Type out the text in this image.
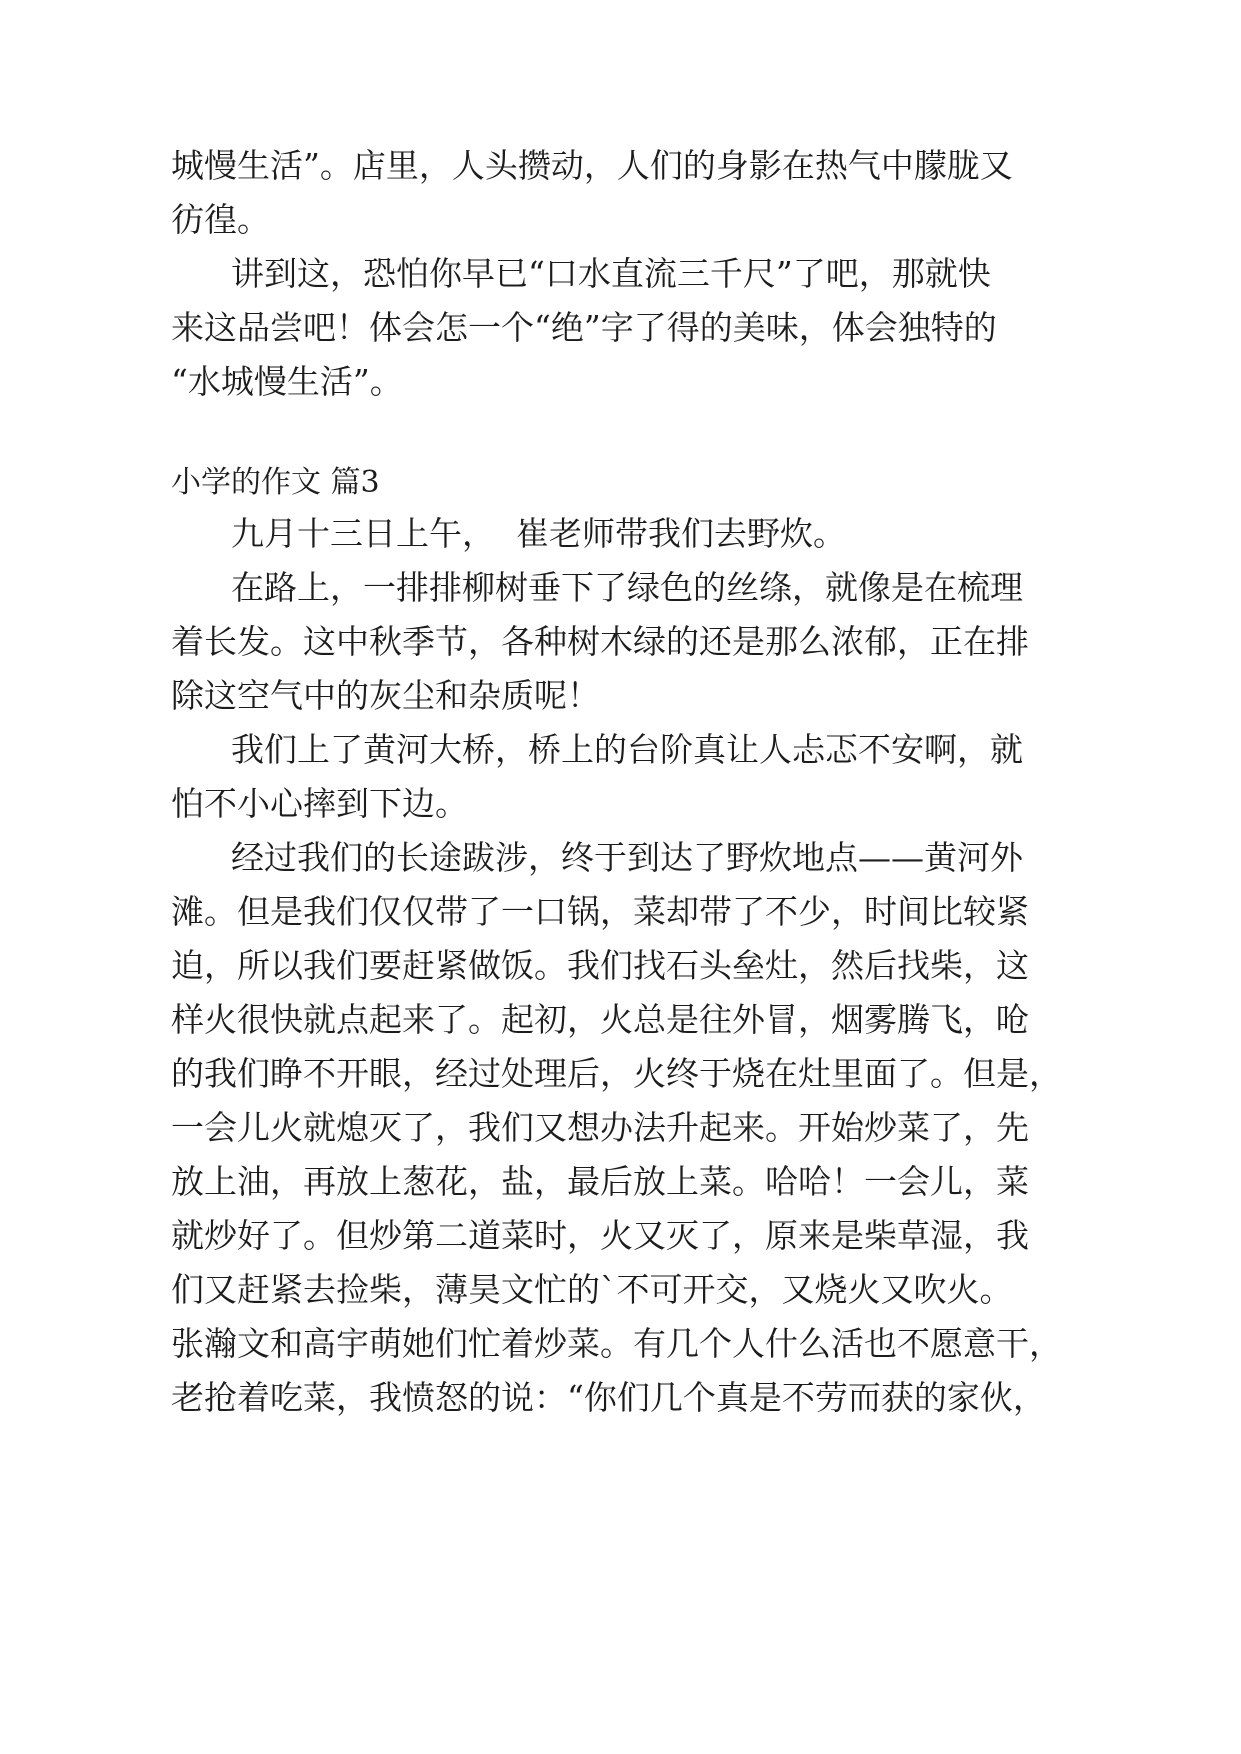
城 慢 生 活 ” 。 店 里 ， 人 头 攒 动 ， 人 们 的 身 影 在 热 气 中 朦 胧 又
彷徨。
讲 到 这 ， 恐 怕 你 早 已 “ 口 水 直 流 三 千 尺 ” 了 吧 ， 那 就 快
来 这 品 尝 吧 ！ 体 会 怎 一 个 “ 绝 ” 字 了 得 的 美 味 ， 体 会 独 特 的
“水城慢生活”。
小学的作文 篇3
九月十三日上午，  崔老师带我们去野炊。
在 路 上 ， 一 排 排 柳 树 垂 下 了 绿 色 的 丝 绦 ， 就 像 是 在 梳 理
着 长 发 。 这 中 秋 季 节 ， 各 种 树 木 绿 的 还 是 那 么 浓 郁 ， 正 在 排
除这空气中的灰尘和杂质呢！
我 们 上 了 黄 河 大 桥 ， 桥 上 的 台 阶 真 让 人 忐 忑 不 安 啊 ， 就
怕不小心摔到下边。
经 过 我 们 的 长 途 跋 涉 ， 终 于 到 达 了 野 炊 地 点 — — 黄 河 外
滩 。 但 是 我 们 仅 仅 带 了 一 口 锅 ， 菜 却 带 了 不 少 ， 时 间 比 较 紧
迫 ， 所 以 我 们 要 赶 紧 做 饭 。 我 们 找 石 头 垒 灶 ， 然 后 找 柴 ， 这
样 火 很 快 就 点 起 来 了 。 起 初 ， 火 总 是 往 外 冒 ， 烟 雾 腾 飞 ， 呛
的 我 们 睁 不 开 眼 ， 经 过 处 理 后 ， 火 终 于 烧 在 灶 里 面 了 。 但 是 ，
一 会 儿 火 就 熄 灭 了 ， 我 们 又 想 办 法 升 起 来 。 开 始 炒 菜 了 ， 先
放 上 油 ， 再 放 上 葱 花 ， 盐 ， 最 后 放 上 菜 。 哈 哈 ！ 一 会 儿 ， 菜
就 炒 好 了 。 但 炒 第 二 道 菜 时 ， 火 又 灭 了 ， 原 来 是 柴 草 湿 ， 我
们 又 赶 紧 去 捡 柴 ， 薄 昊 文 忙 的 ` 不 可 开 交 ， 又 烧 火 又 吹 火 。
张 瀚 文 和 高 宇 萌 她 们 忙 着 炒 菜 。 有 几 个 人 什 么 活 也 不 愿 意 干 ，
老 抢 着 吃 菜 ， 我 愤 怒 的 说 ： “ 你 们 几 个 真 是 不 劳 而 获 的 家 伙 ，
